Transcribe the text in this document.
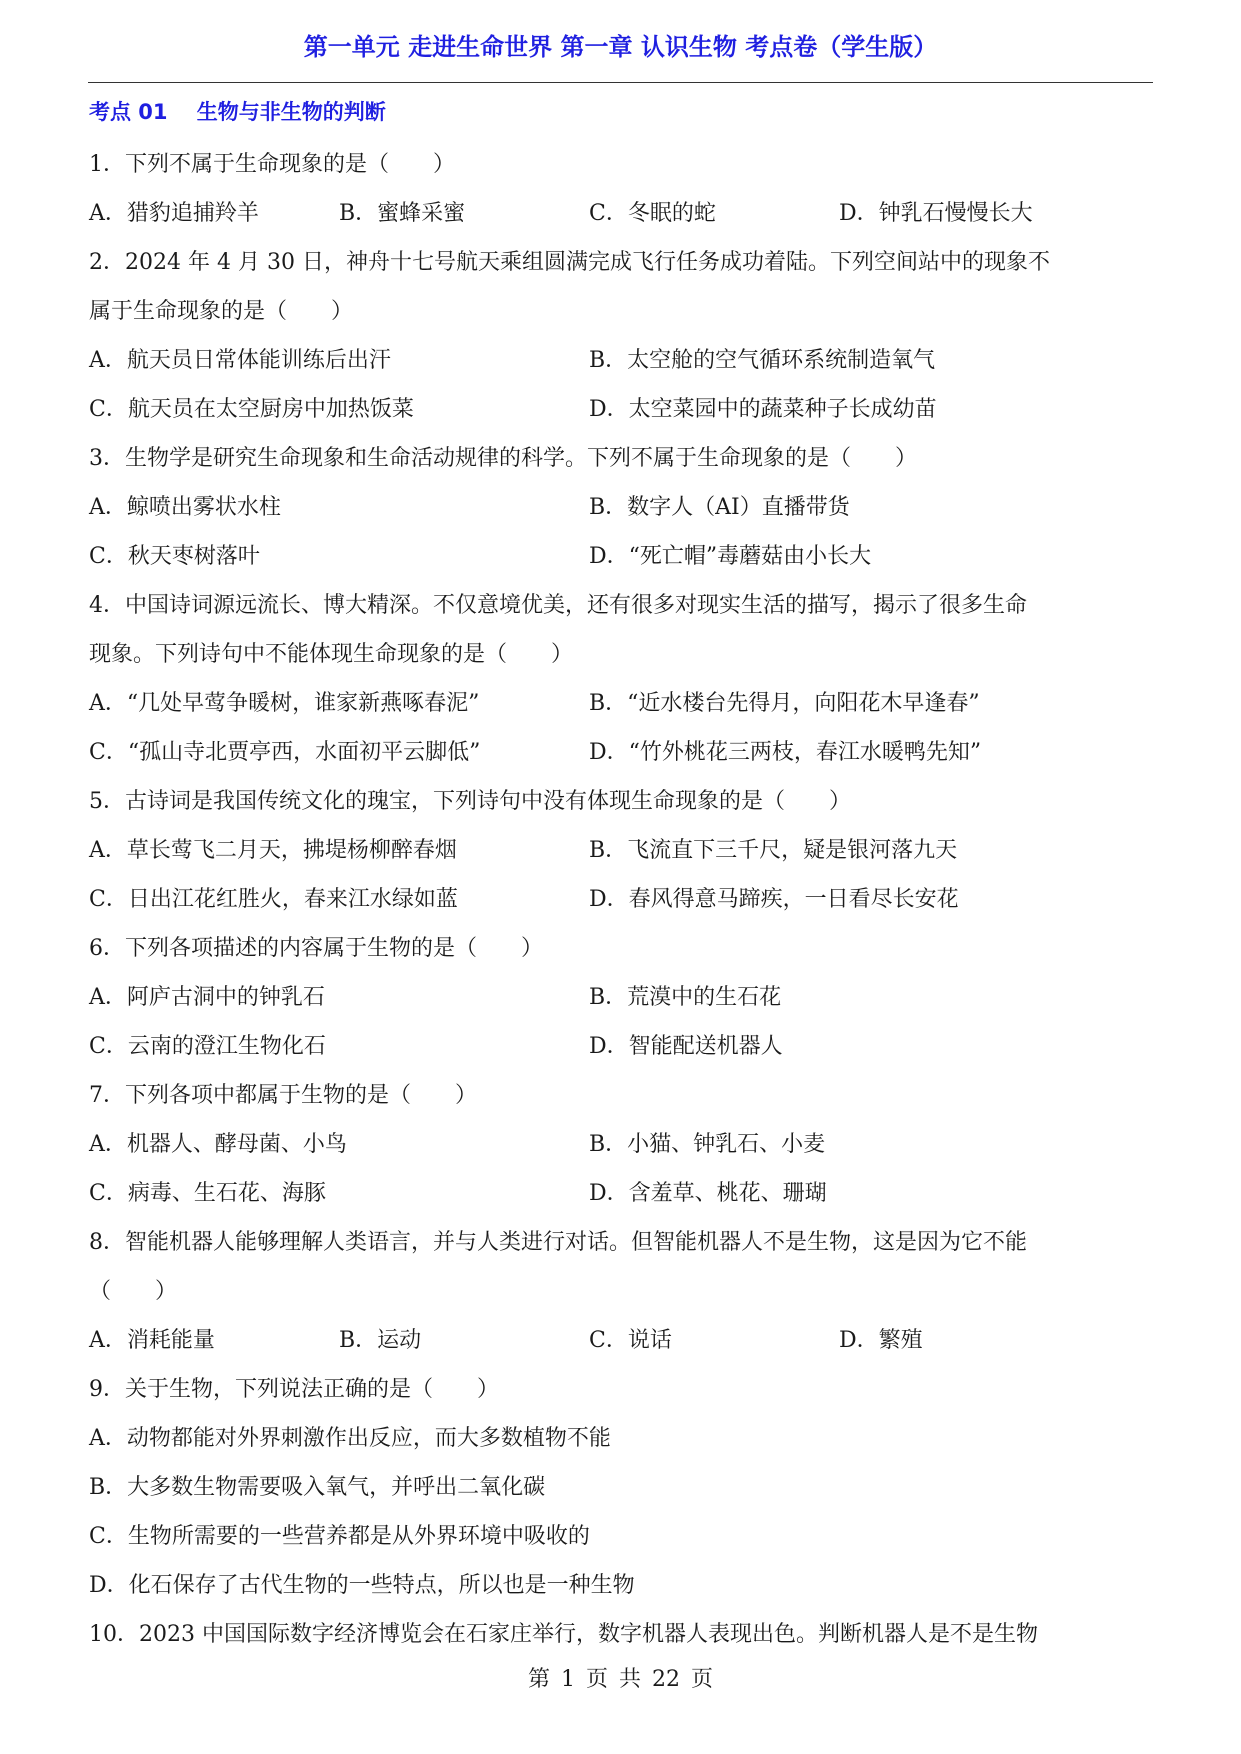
第一单元 走进生命世界 第一章 认识生物 考点卷（学生版）
考点 01 生物与非生物的判断
1．下列不属于生命现象的是（　　）
A．猎豹追捕羚羊	B．蜜蜂采蜜	C．冬眠的蛇	D．钟乳石慢慢长大
2．2024 年 4 月 30 日，神舟十七号航天乘组圆满完成飞行任务成功着陆。下列空间站中的现象不
属于生命现象的是（　　）
A．航天员日常体能训练后出汗	B．太空舱的空气循环系统制造氧气
C．航天员在太空厨房中加热饭菜	D．太空菜园中的蔬菜种子长成幼苗
3．生物学是研究生命现象和生命活动规律的科学。下列不属于生命现象的是（　　）
A．鲸喷出雾状水柱	B．数字人（AI）直播带货
C．秋天枣树落叶	D．“死亡帽”毒蘑菇由小长大
4．中国诗词源远流长、博大精深。不仅意境优美，还有很多对现实生活的描写，揭示了很多生命
现象。下列诗句中不能体现生命现象的是（　　）
A．“几处早莺争暖树，谁家新燕啄春泥”	B．“近水楼台先得月，向阳花木早逢春”
C．“孤山寺北贾亭西，水面初平云脚低”	D．“竹外桃花三两枝，春江水暖鸭先知”
5．古诗词是我国传统文化的瑰宝，下列诗句中没有体现生命现象的是（　　）
A．草长莺飞二月天，拂堤杨柳醉春烟	B．飞流直下三千尺，疑是银河落九天
C．日出江花红胜火，春来江水绿如蓝	D．春风得意马蹄疾，一日看尽长安花
6．下列各项描述的内容属于生物的是（　　）
A．阿庐古洞中的钟乳石	B．荒漠中的生石花
C．云南的澄江生物化石	D．智能配送机器人
7．下列各项中都属于生物的是（　　）
A．机器人、酵母菌、小鸟	B．小猫、钟乳石、小麦
C．病毒、生石花、海豚	D．含羞草、桃花、珊瑚
8．智能机器人能够理解人类语言，并与人类进行对话。但智能机器人不是生物，这是因为它不能
（　　）
A．消耗能量	B．运动	C．说话	D．繁殖
9．关于生物，下列说法正确的是（　　）
A．动物都能对外界刺激作出反应，而大多数植物不能
B．大多数生物需要吸入氧气，并呼出二氧化碳
C．生物所需要的一些营养都是从外界环境中吸收的
D．化石保存了古代生物的一些特点，所以也是一种生物
10．2023 中国国际数字经济博览会在石家庄举行，数字机器人表现出色。判断机器人是不是生物
第 1 页 共 22 页
